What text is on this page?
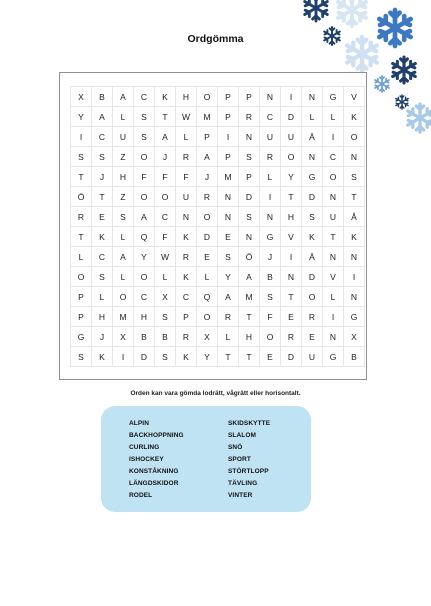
Ordgömma
X	B	A	C	K	H	O	P	P	N	I	N	G	V
Y	A	L	S	T	W	M	P	R	C	D	L	L	K
I	C	U	S	A	L	P	I	N	U	U	Ä	I	O
S	S	Z	O	J	R	A	P	S	R	O	N	C	N
T	J	H	F	F	F	J	M	P	L	Y	G	O	S
Ö	T	Z	O	O	U	R	N	D	I	T	D	N	T
R	E	S	A	C	N	O	N	S	N	H	S	U	Å
T	K	L	Q	F	K	D	E	N	G	V	K	T	K
L	C	A	Y	W	R	E	S	Ö	J	I	Ä	N	N
O	S	L	O	L	K	L	Y	A	B	N	D	V	I
P	L	O	C	X	C	Q	A	M	S	T	O	L	N
P	H	M	H	S	P	O	R	T	F	E	R	I	G
G	J	X	B	B	R	X	L	H	O	R	E	N	X
S	K	I	D	S	K	Y	T	T	E	D	U	G	B
Orden kan vara gömda lodrätt, vågrätt eller horisontalt.
ALPIN
BACKHOPPNING
CURLING
ISHOCKEY
KONSTÅKNING
LÄNGDSKIDOR
RODEL
SKIDSKYTTE
SLALOM
SNÖ
SPORT
STÖRTLOPP
TÄVLING
VINTER
